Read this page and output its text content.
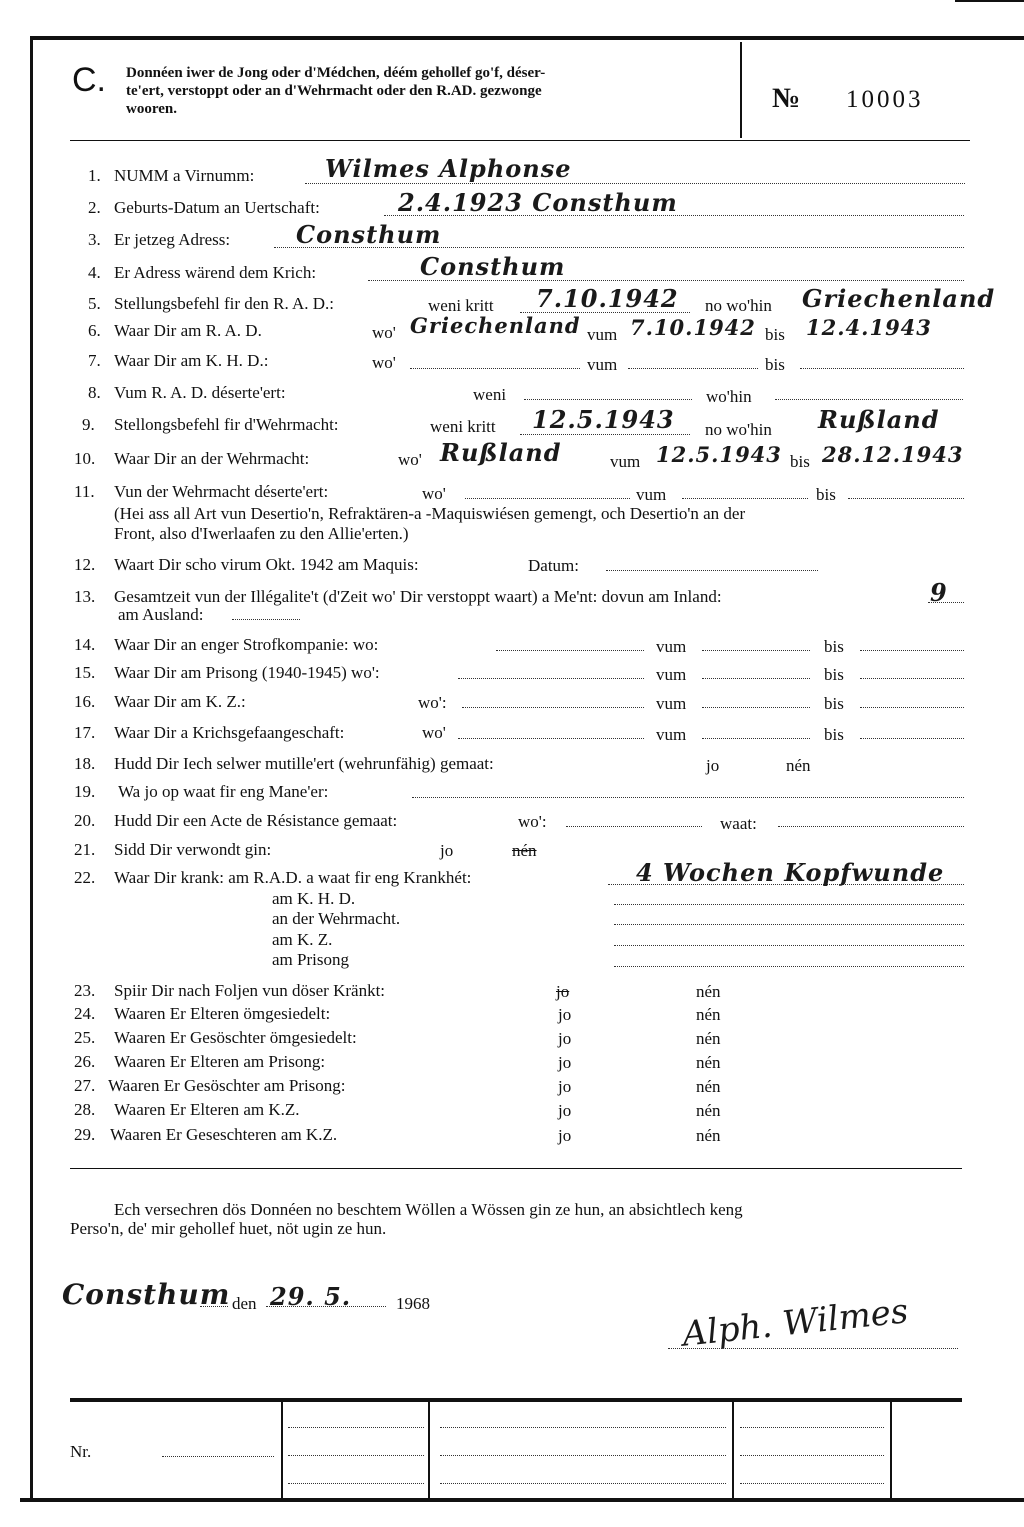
C. Donnéen iwer de Jong oder d'Médchen, déém gehollef go'f, déser-
te'ert, verstoppt oder an d'Wehrmacht oder den R.AD. gezwonge
wooren.	№ 10003
1. NUMM a Virnumm:	Wilmes Alphonse
2. Geburts-Datum an Uertschaft:	2.4.1923 Consthum
3. Er jetzeg Adress:	Consthum
4. Er Adress wärend dem Krich:	Consthum
5. Stellungsbefehl fir den R. A. D.:	weni kritt 7.10.1942 no wo'hin Griechenland
6. Waar Dir am R. A. D.	wo' Griechenland vum 7.10.1942 bis 12.4.1943
7. Waar Dir am K. H. D.:	wo'	vum	bis
8. Vum R. A. D. déserte'ert:	weni	wo'hin
9. Stellongsbefehl fir d'Wehrmacht:	weni kritt 12.5.1943 no wo'hin Rußland
10. Waar Dir an der Wehrmacht:	wo' Rußland	vum 12.5.1943 bis 28.12.1943
11. Vun der Wehrmacht déserte'ert:	wo'	vum	bis
(Hei ass all Art vun Desertio'n, Refraktären-a -Maquiswiésen gemengt, och Desertio'n an der
Front, also d'Iwerlaafen zu den Allie'erten.)
12. Waart Dir scho virum Okt. 1942 am Maquis:	Datum:
13. Gesamtzeit vun der Illégalite't (d'Zeit wo' Dir verstoppt waart) a Me'nt: dovun am Inland:	9
am Ausland:
14. Waar Dir an enger Strofkompanie: wo:	vum	bis
15. Waar Dir am Prisong (1940-1945) wo':	vum	bis
16. Waar Dir am K. Z.:	wo':	vum	bis
17. Waar Dir a Krichsgefaangeschaft:	wo'	vum	bis
18. Hudd Dir Iech selwer mutille'ert (wehrunfähig) gemaat:	jo	nén
19. Wa jo op waat fir eng Mane'er:
20. Hudd Dir een Acte de Résistance gemaat:	wo':	waat:
21. Sidd Dir verwondt gin:	jo	nén
22. Waar Dir krank: am R.A.D. a waat fir eng Krankhét:	4 Wochen Kopfwunde
am K. H. D.
an der Wehrmacht.
am K. Z.
am Prisong
23. Spiir Dir nach Foljen vun döser Kränkt:	jo	nén
24. Waaren Er Elteren ömgesiedelt:	jo	nén
25. Waaren Er Gesöschter ömgesiedelt:	jo	nén
26. Waaren Er Elteren am Prisong:	jo	nén
27. Waaren Er Gesöschter am Prisong:	jo	nén
28. Waaren Er Elteren am K.Z.	jo	nén
29. Waaren Er Geseschteren am K.Z.	jo	nén
Ech versechren dös Donnéen no beschtem Wöllen a Wössen gin ze hun, an absichtlech keng
Perso'n, de' mir gehollef huet, nöt ugin ze hun.
Consthum den 29. 5.	1968	Alph. Wilmes
Nr.
